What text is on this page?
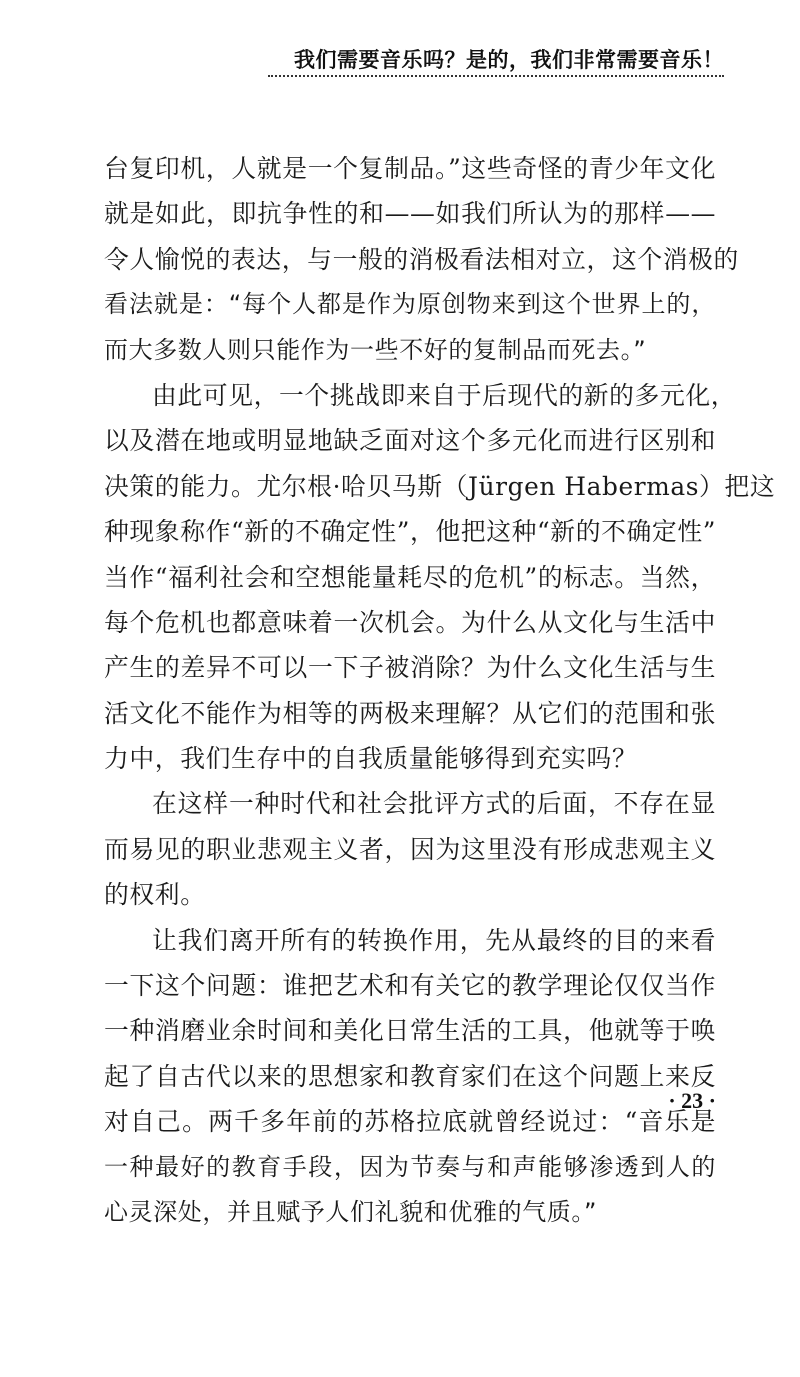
我们需要音乐吗？是的，我们非常需要音乐！
台复印机，人就是一个复制品。”这些奇怪的青少年文化
就是如此，即抗争性的和——如我们所认为的那样——
令人愉悦的表达，与一般的消极看法相对立，这个消极的
看法就是：“每个人都是作为原创物来到这个世界上的，
而大多数人则只能作为一些不好的复制品而死去。”
由此可见，一个挑战即来自于后现代的新的多元化，
以及潜在地或明显地缺乏面对这个多元化而进行区别和
决策的能力。尤尔根·哈贝马斯（Jürgen Habermas）把这
种现象称作“新的不确定性”，他把这种“新的不确定性”
当作“福利社会和空想能量耗尽的危机”的标志。当然，
每个危机也都意味着一次机会。为什么从文化与生活中
产生的差异不可以一下子被消除？为什么文化生活与生
活文化不能作为相等的两极来理解？从它们的范围和张
力中，我们生存中的自我质量能够得到充实吗？
在这样一种时代和社会批评方式的后面，不存在显
而易见的职业悲观主义者，因为这里没有形成悲观主义
的权利。
让我们离开所有的转换作用，先从最终的目的来看
一下这个问题：谁把艺术和有关它的教学理论仅仅当作
一种消磨业余时间和美化日常生活的工具，他就等于唤
起了自古代以来的思想家和教育家们在这个问题上来反
对自己。两千多年前的苏格拉底就曾经说过：“音乐是
一种最好的教育手段，因为节奏与和声能够渗透到人的
心灵深处，并且赋予人们礼貌和优雅的气质。”
· 23 ·
